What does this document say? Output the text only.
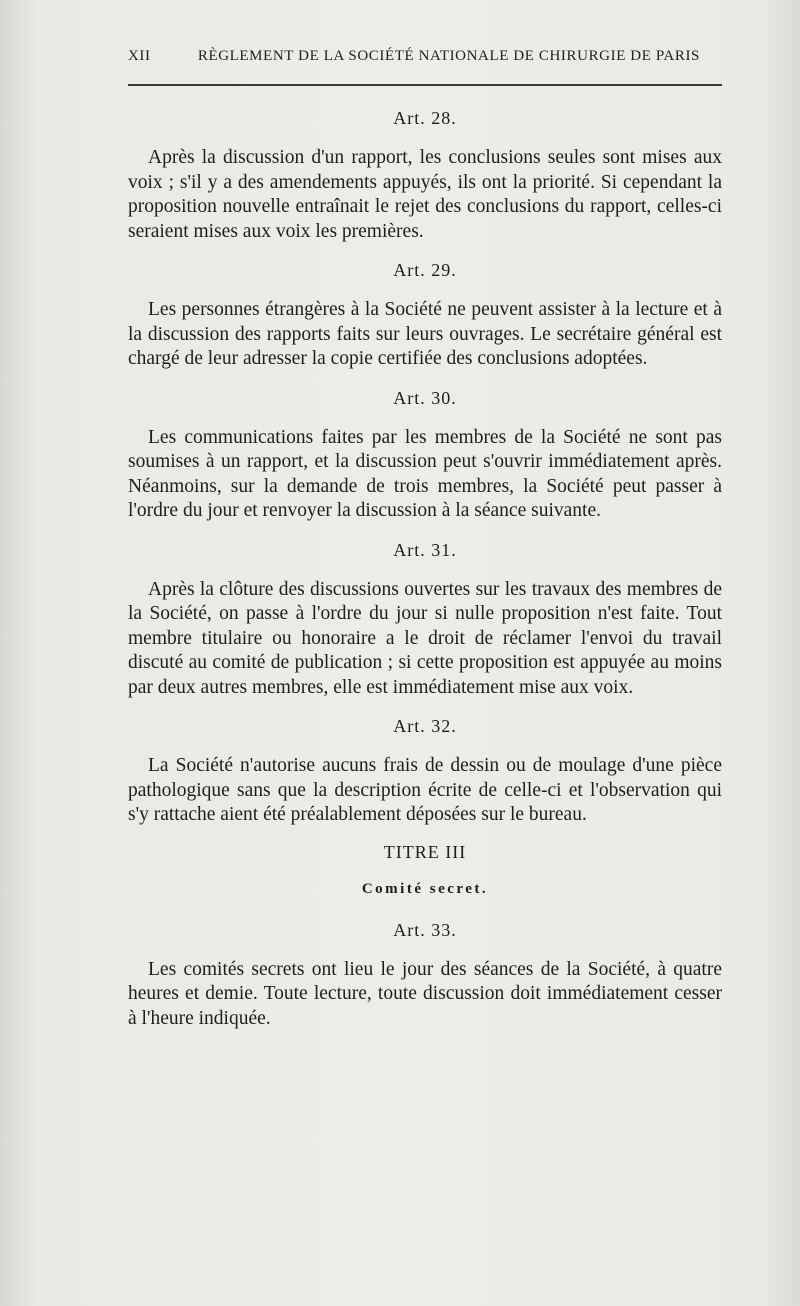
XII	RÈGLEMENT DE LA SOCIÉTÉ NATIONALE DE CHIRURGIE DE PARIS
Art. 28.

Après la discussion d'un rapport, les conclusions seules sont mises aux voix ; s'il y a des amendements appuyés, ils ont la priorité. Si cependant la proposition nouvelle entraînait le rejet des conclusions du rapport, celles-ci seraient mises aux voix les premières.

Art. 29.

Les personnes étrangères à la Société ne peuvent assister à la lecture et à la discussion des rapports faits sur leurs ouvrages. Le secrétaire général est chargé de leur adresser la copie certifiée des conclusions adoptées.

Art. 30.

Les communications faites par les membres de la Société ne sont pas soumises à un rapport, et la discussion peut s'ouvrir immédiatement après. Néanmoins, sur la demande de trois membres, la Société peut passer à l'ordre du jour et renvoyer la discussion à la séance suivante.

Art. 31.

Après la clôture des discussions ouvertes sur les travaux des membres de la Société, on passe à l'ordre du jour si nulle proposition n'est faite. Tout membre titulaire ou honoraire a le droit de réclamer l'envoi du travail discuté au comité de publication ; si cette proposition est appuyée au moins par deux autres membres, elle est immédiatement mise aux voix.

Art. 32.

La Société n'autorise aucuns frais de dessin ou de moulage d'une pièce pathologique sans que la description écrite de celle-ci et l'observation qui s'y rattache aient été préalablement déposées sur le bureau.

TITRE III
Comité secret.
Art. 33.

Les comités secrets ont lieu le jour des séances de la Société, à quatre heures et demie. Toute lecture, toute discussion doit immédiatement cesser à l'heure indiquée.
